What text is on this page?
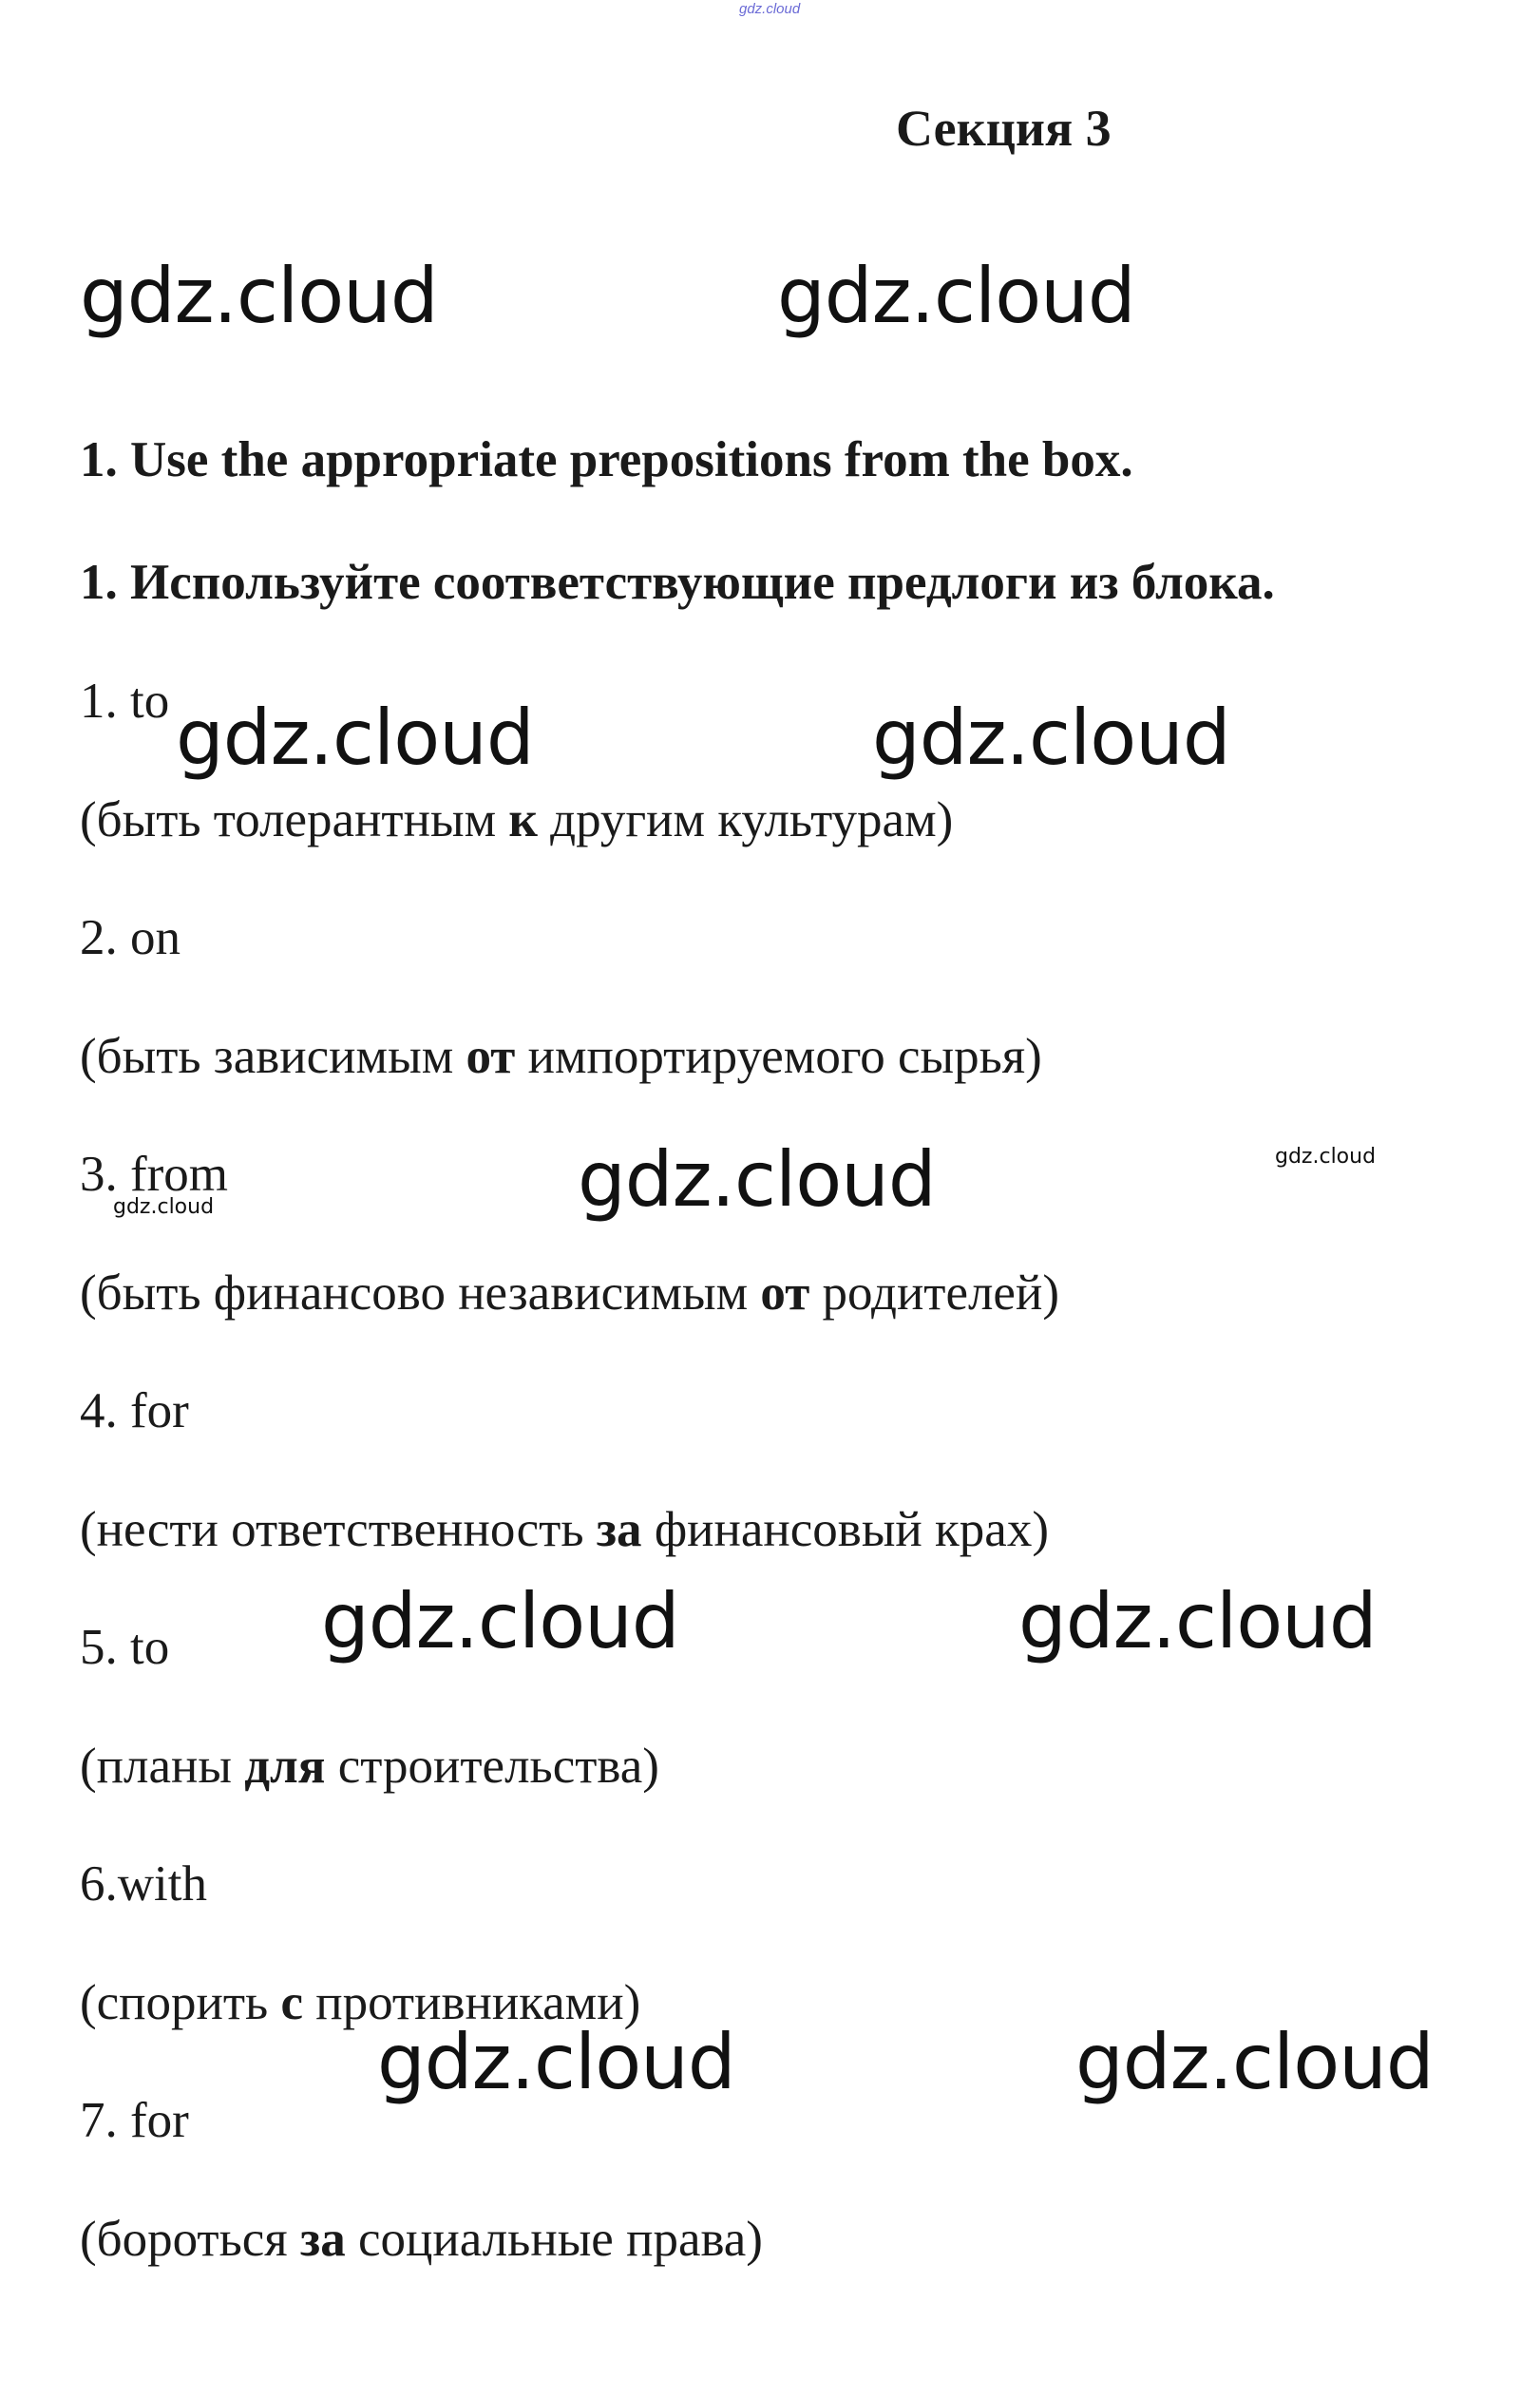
gdz.cloud
Секция 3
gdz.cloud	gdz.cloud
gdz.cloud	gdz.cloud
gdz.cloud	gdz.cloud
gdz.cloud
gdz.cloud	gdz.cloud
gdz.cloud	gdz.cloud
1. Use the appropriate prepositions from the box.
1. Используйте соответствующие предлоги из блока.
1. to
(быть толерантным к другим культурам)
2. on
(быть зависимым от импортируемого сырья)
3. from
(быть финансово независимым от родителей)
4. for
(нести ответственность за финансовый крах)
5. to
(планы для строительства)
6.with
(спорить с противниками)
7. for
(бороться за социальные права)
